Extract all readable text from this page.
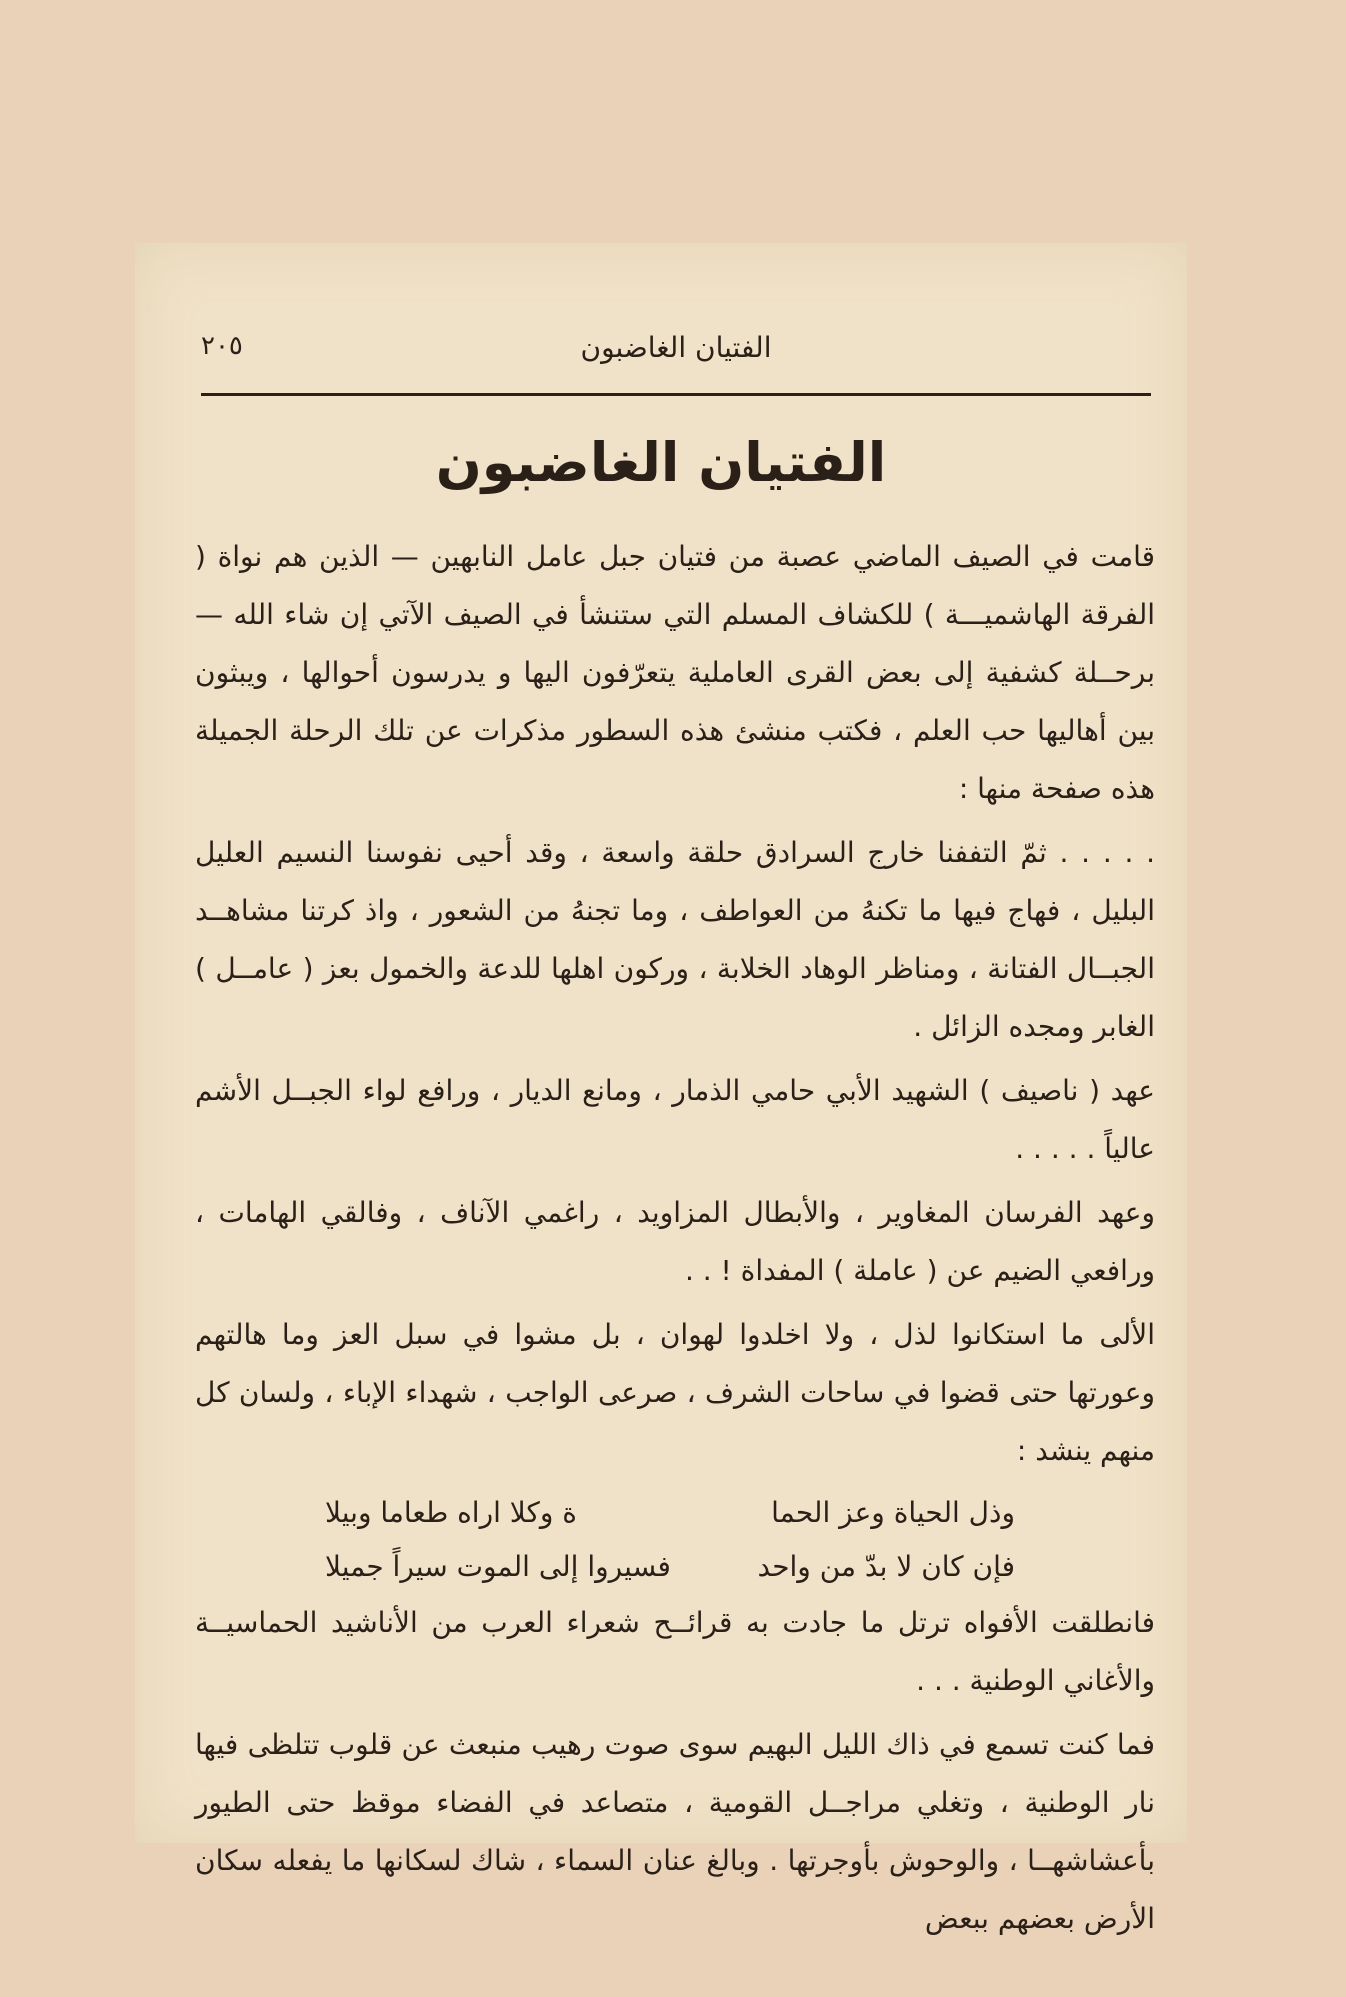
الفتيان الغاضبون
٢٠٥
الفتيان الغاضبون

قامت في الصيف الماضي عصبة من فتيان جبل عامل النابهين — الذين هم نواة ( الفرقة الهاشميـــة ) للكشاف المسلم التي ستنشأ في الصيف الآتي إن شاء الله — برحــلة كشفية إلى بعض القرى العاملية يتعرّفون اليها و يدرسون أحوالها ، ويبثون بين أهاليها حب العلم ، فكتب منشئ هذه السطور مذكرات عن تلك الرحلة الجميلة هذه صفحة منها :

. . . . . ثمّ التففنا خارج السرادق حلقة واسعة ، وقد أحيى نفوسنا النسيم العليل البليل ، فهاج فيها ما تكنهُ من العواطف ، وما تجنهُ من الشعور ، واذ كرتنا مشاهــد الجبــال الفتانة ، ومناظر الوهاد الخلابة ، وركون اهلها للدعة والخمول بعز ( عامــل ) الغابر ومجده الزائل .

عهد ( ناصيف ) الشهيد الأبي حامي الذمار ، ومانع الديار ، ورافع لواء الجبــل الأشم عالياً . . . . .

وعهد الفرسان المغاوير ، والأبطال المزاويد ، راغمي الآناف ، وفالقي الهامات ، ورافعي الضيم عن ( عاملة ) المفداة ! . .

الألى ما استكانوا لذل ، ولا اخلدوا لهوان ، بل مشوا في سبل العز وما هالتهم وعورتها حتى قضوا في ساحات الشرف ، صرعى الواجب ، شهداء الإباء ، ولسان كل منهم ينشد :

وذل الحياة وعز الحما
ة وكلا اراه طعاما وبيلا
فإن كان لا بدّ من واحد
فسيروا إلى الموت سيراً جميلا

فانطلقت الأفواه ترتل ما جادت به قرائــح شعراء العرب من الأناشيد الحماسيــة والأغاني الوطنية . . .

فما كنت تسمع في ذاك الليل البهيم سوى صوت رهيب منبعث عن قلوب تتلظى فيها نار الوطنية ، وتغلي مراجــل القومية ، متصاعد في الفضاء موقظ حتى الطيور بأعشاشهــا ، والوحوش بأوجرتها . وبالغ عنان السماء ، شاك لسكانها ما يفعله سكان الأرض بعضهم ببعض
